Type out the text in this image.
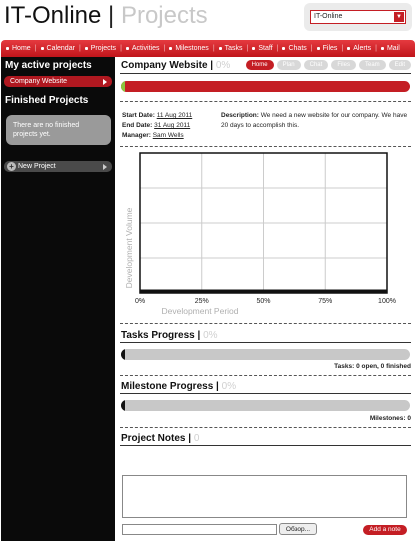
IT-Online | Projects	IT-Online	▼
Home | Calendar | Projects | Activities | Milestones | Tasks | Staff | Chats | Files | Alerts | Mail
My active projects
Company Website
Finished Projects
There are no finished projects yet.
+ New Project
Company Website | 0%	Home	Plan	Chat	Files	Team	Edit
Start Date: 11 Aug 2011
End Date: 31 Aug 2011
Manager: Sam Wells
Description: We need a new website for our company. We have 20 days to accomplish this.
0%	25%	50%	75%	100%
Development Period
Development Volume
Tasks Progress | 0%
Tasks: 0 open, 0 finished
Milestone Progress | 0%
Milestones: 0
Project Notes | 0
Обзор...	Add a note
